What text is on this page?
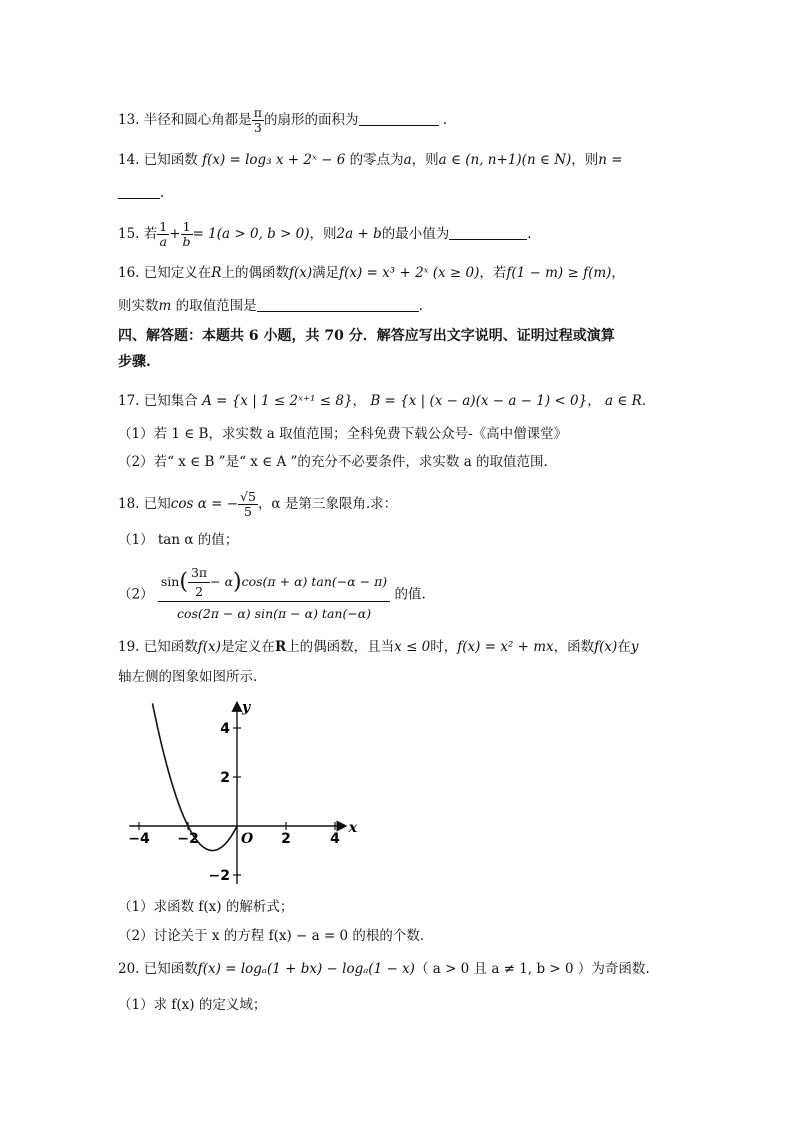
13. 半径和圆心角都是 $\frac{\pi}{3}$ 的扇形的面积为	.
14. 已知函数 f(x) = log₃ x + 2ˣ − 6 的零点为a，则a ∈ (n, n+1)(n ∈ N)，则n =
.
15. 若 $\frac{1}{a} + \frac{1}{b} = 1(a > 0$, b > 0)，则2a + b的最小值为	.
16. 已知定义在R上的偶函数f(x)满足f(x) = x³ + 2ˣ (x ≥ 0)，若f(1 − m) ≥ f(m)，
则实数m 的取值范围是	.
四、解答题：本题共 6 小题，共 70 分．解答应写出文字说明、证明过程或演算
步骤.
17. 已知集合 A = {x | 1 ≤ 2ˣ⁺¹ ≤ 8}， B = {x | (x − a)(x − a − 1) < 0}， a ∈ R.
（1）若 1 ∈ B，求实数 a 取值范围；全科免费下载公众号-《高中僧课堂》
（2）若“ x ∈ B ”是“ x ∈ A ”的充分不必要条件，求实数 a 的取值范围.
18. 已知cos α = − $\frac{√5}{5}$ ，α 是第三象限角.求：
（1） tan α 的值；
$(2) \frac{\sin( \frac{3\pi}{2} - \alpha)\cos(\pi + \alpha) \tan(-\alpha - \pi)}{\cos(2\pi - \alpha) \sin(\pi - \alpha) \tan(-\alpha)}$ 的值.
19. 已知函数f(x)是定义在R上的偶函数，且当x ≤ 0时，f(x) = x² + mx，函数f(x)在y
轴左侧的图象如图所示．
−4 −2	2	4
4
2
−2
x
y
O
（1）求函数 f(x) 的解析式；
（2）讨论关于 x 的方程 f(x) − a = 0 的根的个数．
20. 已知函数f(x) = logₐ(1 + bx) − logₐ(1 − x)（ a > 0 且 a ≠ 1, b > 0 ）为奇函数.
（1）求 f(x) 的定义域；
